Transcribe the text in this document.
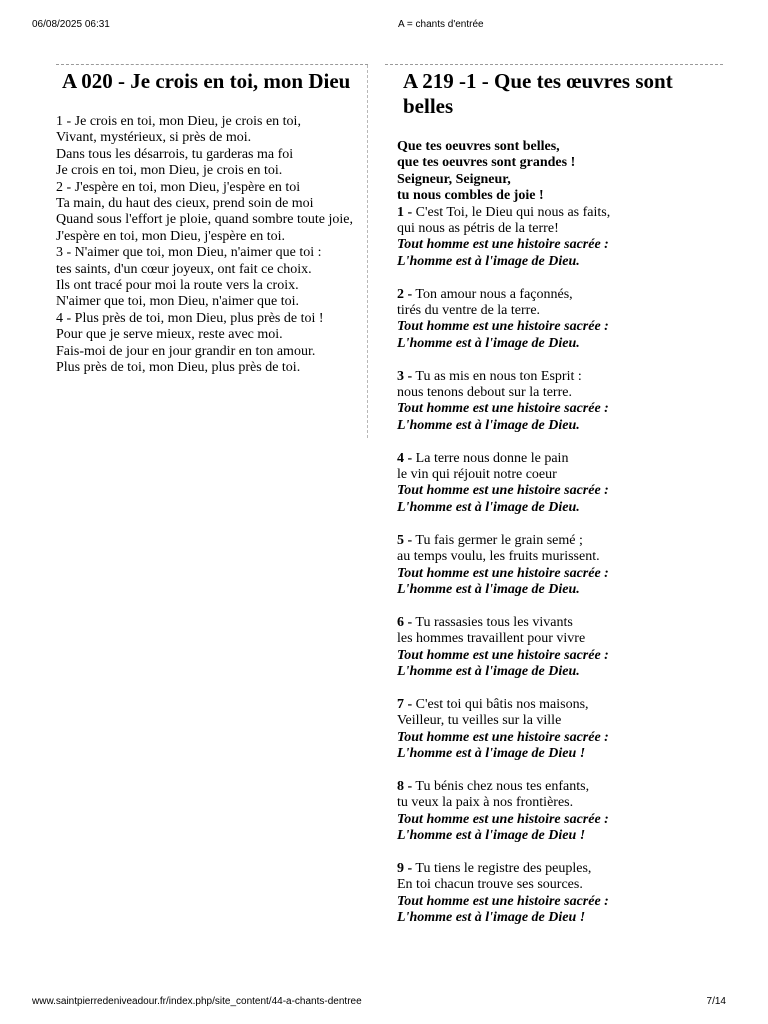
06/08/2025 06:31	A = chants d'entrée
A 020 - Je crois en toi, mon Dieu
1 - Je crois en toi, mon Dieu, je crois en toi,
Vivant, mystérieux, si près de moi.
Dans tous les désarrois, tu garderas ma foi
Je crois en toi, mon Dieu, je crois en toi.
2 - J'espère en toi, mon Dieu, j'espère en toi
Ta main, du haut des cieux, prend soin de moi
Quand sous l'effort je ploie, quand sombre toute joie,
J'espère en toi, mon Dieu, j'espère en toi.
3 - N'aimer que toi, mon Dieu, n'aimer que toi :
tes saints, d'un cœur joyeux, ont fait ce choix.
Ils ont tracé pour moi la route vers la croix.
N'aimer que toi, mon Dieu, n'aimer que toi.
4 - Plus près de toi, mon Dieu, plus près de toi !
Pour que je serve mieux, reste avec moi.
Fais-moi de jour en jour grandir en ton amour.
Plus près de toi, mon Dieu, plus près de toi.
A 219 -1 - Que tes œuvres sont belles
Que tes oeuvres sont belles,
que tes oeuvres sont grandes !
Seigneur, Seigneur,
tu nous combles de joie !
1 - C'est Toi, le Dieu qui nous as faits,
qui nous as pétris de la terre!
Tout homme est une histoire sacrée :
L'homme est à l'image de Dieu.
2 - Ton amour nous a façonnés,
tirés du ventre de la terre.
Tout homme est une histoire sacrée :
L'homme est à l'image de Dieu.
3 - Tu as mis en nous ton Esprit :
nous tenons debout sur la terre.
Tout homme est une histoire sacrée :
L'homme est à l'image de Dieu.
4 - La terre nous donne le pain
le vin qui réjouit notre coeur
Tout homme est une histoire sacrée :
L'homme est à l'image de Dieu.
5 - Tu fais germer le grain semé ;
au temps voulu, les fruits murissent.
Tout homme est une histoire sacrée :
L'homme est à l'image de Dieu.
6 - Tu rassasies tous les vivants
les hommes travaillent pour vivre
Tout homme est une histoire sacrée :
L'homme est à l'image de Dieu.
7 - C'est toi qui bâtis nos maisons,
Veilleur, tu veilles sur la ville
Tout homme est une histoire sacrée :
L'homme est à l'image de Dieu !
8 - Tu bénis chez nous tes enfants,
tu veux la paix à nos frontières.
Tout homme est une histoire sacrée :
L'homme est à l'image de Dieu !
9 - Tu tiens le registre des peuples,
En toi chacun trouve ses sources.
Tout homme est une histoire sacrée :
L'homme est à l'image de Dieu !
www.saintpierredeniveadour.fr/index.php/site_content/44-a-chants-dentree	7/14
